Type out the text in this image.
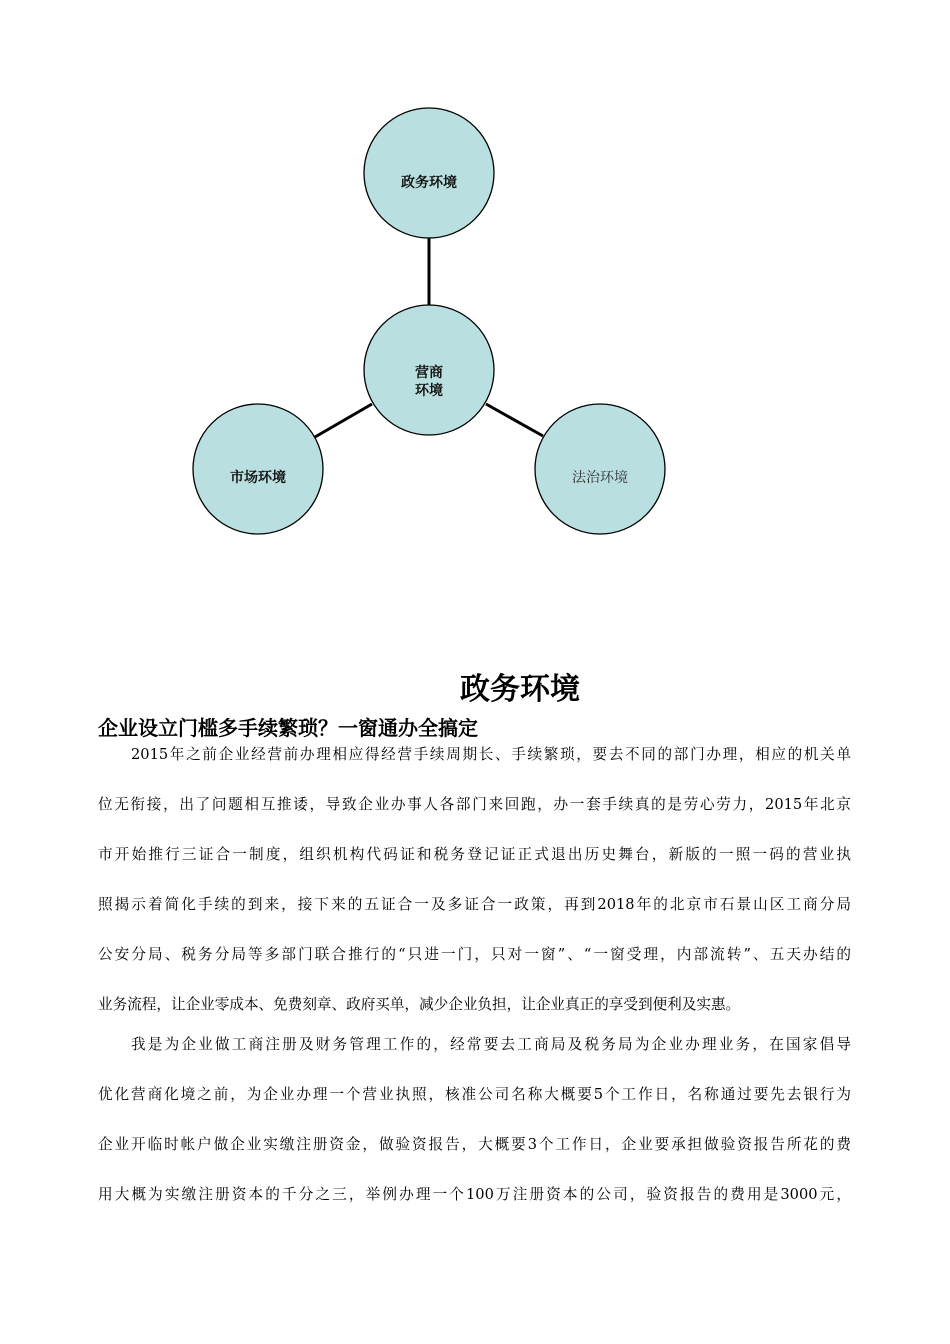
政务环境
营商
环境
市场环境	法治环境
政务环境
企业设立门槛多手续繁琐？一窗通办全搞定
2015年之前企业经营前办理相应得经营手续周期长、手续繁琐，要去不同的部门办理，相应的机关单
位无衔接，出了问题相互推诿，导致企业办事人各部门来回跑，办一套手续真的是劳心劳力，2015年北京
市开始推行三证合一制度，组织机构代码证和税务登记证正式退出历史舞台，新版的一照一码的营业执
照揭示着简化手续的到来，接下来的五证合一及多证合一政策，再到2018年的北京市石景山区工商分局
公安分局、税务分局等多部门联合推行的“只进一门，只对一窗”、“一窗受理，内部流转”、五天办结的
业务流程，让企业零成本、免费刻章、政府买单，减少企业负担，让企业真正的享受到便利及实惠。
我是为企业做工商注册及财务管理工作的，经常要去工商局及税务局为企业办理业务，在国家倡导
优化营商化境之前，为企业办理一个营业执照，核准公司名称大概要5个工作日，名称通过要先去银行为
企业开临时帐户做企业实缴注册资金，做验资报告，大概要3个工作日，企业要承担做验资报告所花的费
用大概为实缴注册资本的千分之三，举例办理一个100万注册资本的公司，验资报告的费用是3000元，
